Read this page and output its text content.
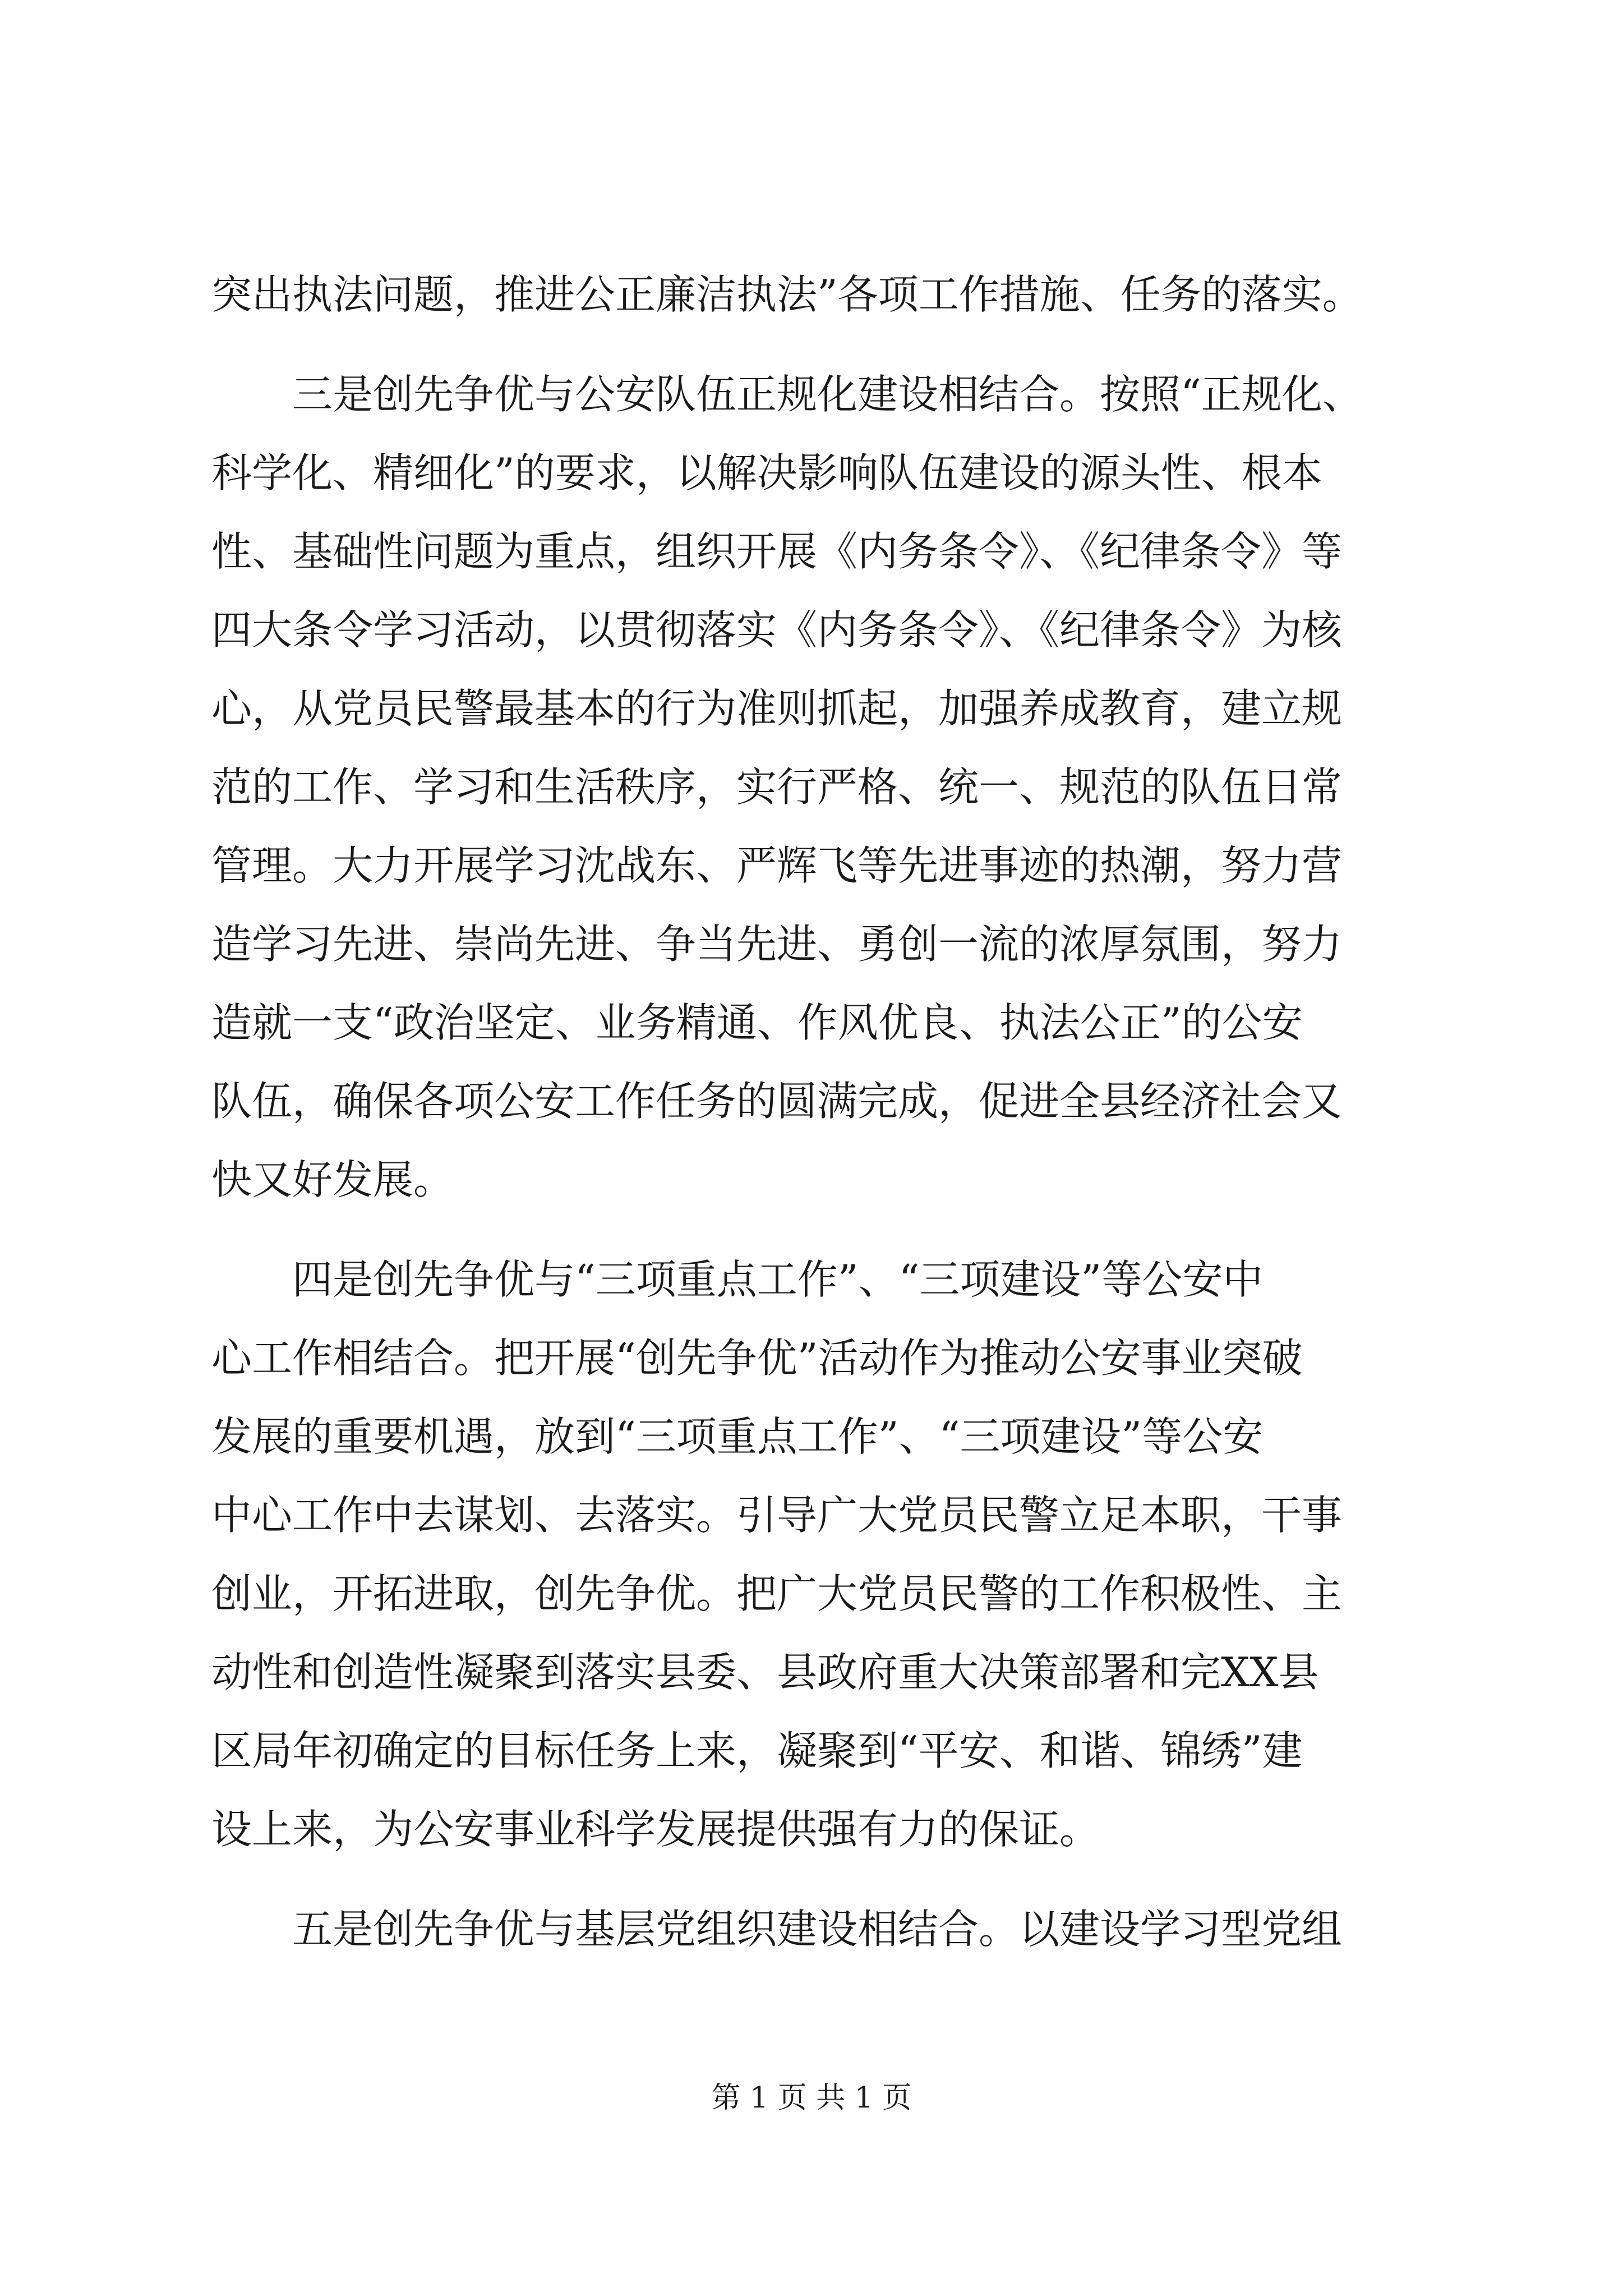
突出执法问题，推进公正廉洁执法”各项工作措施、任务的落实。
三是创先争优与公安队伍正规化建设相结合。按照“正规化、
科学化、精细化”的要求，以解决影响队伍建设的源头性、根本
性、基础性问题为重点，组织开展《内务条令》、《纪律条令》等
四大条令学习活动，以贯彻落实《内务条令》、《纪律条令》为核
心，从党员民警最基本的行为准则抓起，加强养成教育，建立规
范的工作、学习和生活秩序，实行严格、统一、规范的队伍日常
管理。大力开展学习沈战东、严辉飞等先进事迹的热潮，努力营
造学习先进、崇尚先进、争当先进、勇创一流的浓厚氛围，努力
造就一支“政治坚定、业务精通、作风优良、执法公正”的公安
队伍，确保各项公安工作任务的圆满完成，促进全县经济社会又
快又好发展。
四是创先争优与“三项重点工作”、“三项建设”等公安中
心工作相结合。把开展“创先争优”活动作为推动公安事业突破
发展的重要机遇，放到“三项重点工作”、“三项建设”等公安
中心工作中去谋划、去落实。引导广大党员民警立足本职，干事
创业，开拓进取，创先争优。把广大党员民警的工作积极性、主
动性和创造性凝聚到落实县委、县政府重大决策部署和完XX县
区局年初确定的目标任务上来，凝聚到“平安、和谐、锦绣”建
设上来，为公安事业科学发展提供强有力的保证。
五是创先争优与基层党组织建设相结合。以建设学习型党组
第 1 页 共 1 页
